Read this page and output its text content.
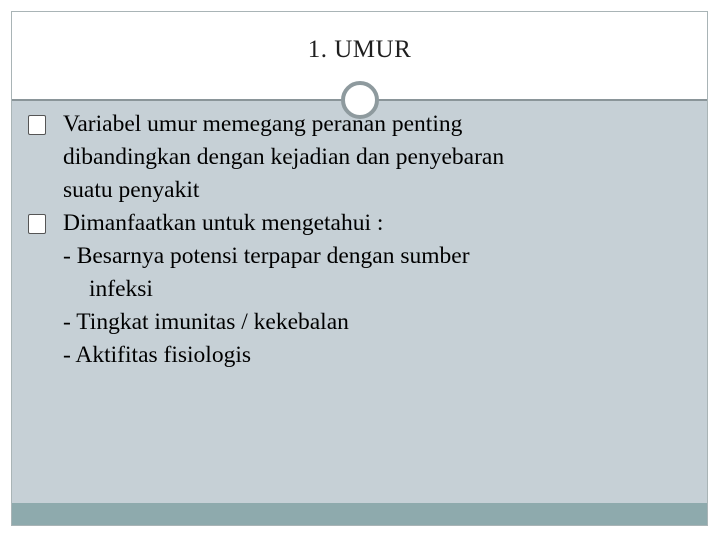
1. UMUR
Variabel umur memegang peranan penting
dibandingkan dengan kejadian dan penyebaran
suatu penyakit
Dimanfaatkan untuk mengetahui :
- Besarnya potensi terpapar dengan sumber
infeksi
- Tingkat imunitas / kekebalan
- Aktifitas fisiologis
